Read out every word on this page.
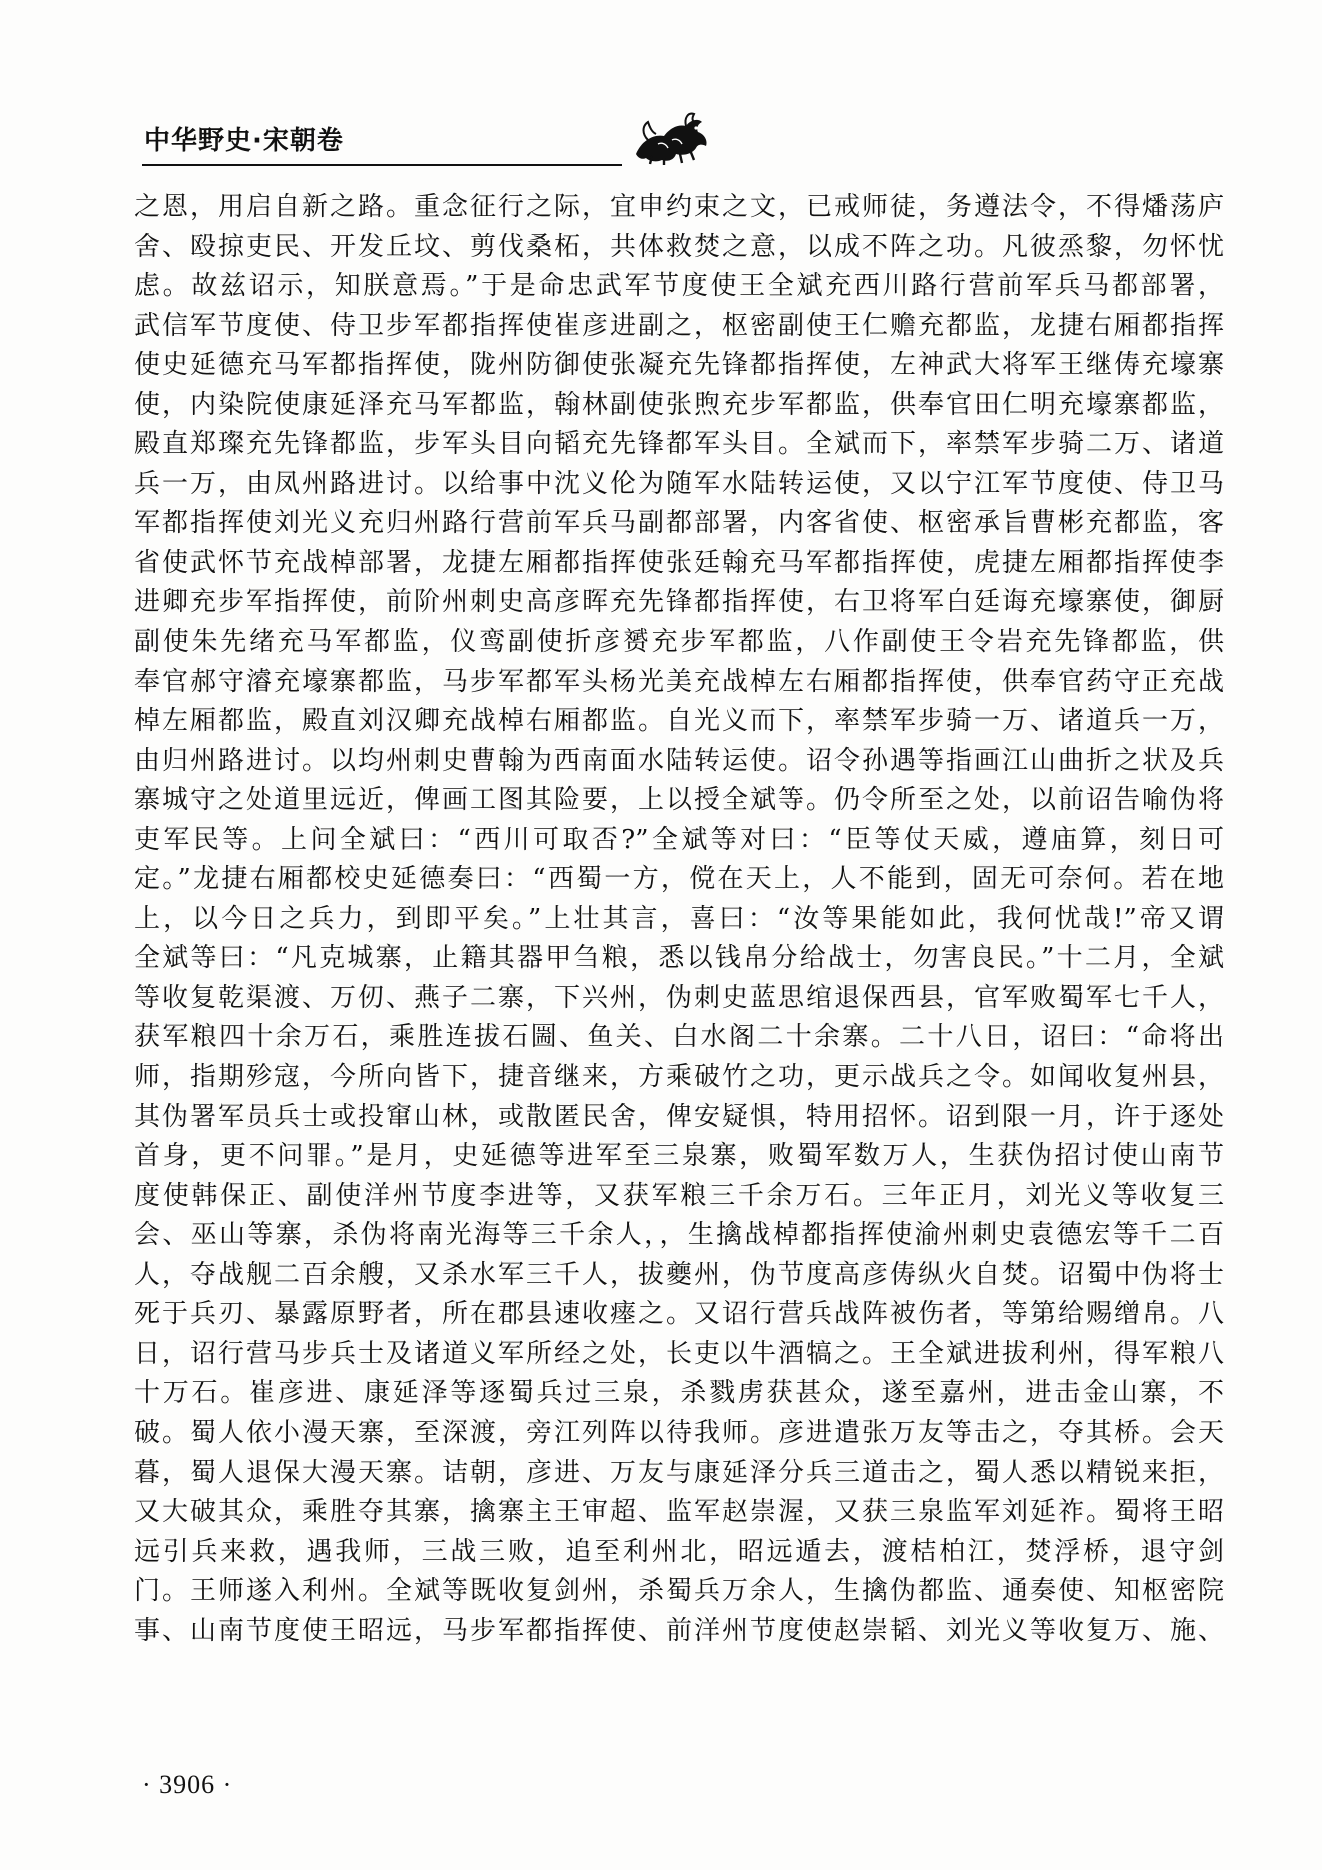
中华野史·宋朝卷
之恩，用启自新之路。重念征行之际，宜申约束之文，已戒师徒，务遵法令，不得燔荡庐
舍、殴掠吏民、开发丘坟、剪伐桑柘，共体救焚之意，以成不阵之功。凡彼烝黎，勿怀忧
虑。故兹诏示，知朕意焉。”于是命忠武军节度使王全斌充西川路行营前军兵马都部署，
武信军节度使、侍卫步军都指挥使崔彦进副之，枢密副使王仁赡充都监，龙捷右厢都指挥
使史延德充马军都指挥使，陇州防御使张凝充先锋都指挥使，左神武大将军王继俦充壕寨
使，内染院使康延泽充马军都监，翰林副使张煦充步军都监，供奉官田仁明充壕寨都监，
殿直郑璨充先锋都监，步军头目向韬充先锋都军头目。全斌而下，率禁军步骑二万、诸道
兵一万，由凤州路进讨。以给事中沈义伦为随军水陆转运使，又以宁江军节度使、侍卫马
军都指挥使刘光义充归州路行营前军兵马副都部署，内客省使、枢密承旨曹彬充都监，客
省使武怀节充战棹部署，龙捷左厢都指挥使张廷翰充马军都指挥使，虎捷左厢都指挥使李
进卿充步军指挥使，前阶州刺史高彦晖充先锋都指挥使，右卫将军白廷诲充壕寨使，御厨
副使朱先绪充马军都监，仪鸾副使折彦赟充步军都监，八作副使王令岩充先锋都监，供
奉官郝守濬充壕寨都监，马步军都军头杨光美充战棹左右厢都指挥使，供奉官药守正充战
棹左厢都监，殿直刘汉卿充战棹右厢都监。自光义而下，率禁军步骑一万、诸道兵一万，
由归州路进讨。以均州刺史曹翰为西南面水陆转运使。诏令孙遇等指画江山曲折之状及兵
寨城守之处道里远近，俾画工图其险要，上以授全斌等。仍令所至之处，以前诏告喻伪将
吏军民等。上问全斌曰：“西川可取否?”全斌等对曰：“臣等仗天威，遵庙算，刻日可
定。”龙捷右厢都校史延德奏曰：“西蜀一方，傥在天上，人不能到，固无可奈何。若在地
上，以今日之兵力，到即平矣。”上壮其言，喜曰：“汝等果能如此，我何忧哉!”帝又谓
全斌等曰：“凡克城寨，止籍其器甲刍粮，悉以钱帛分给战士，勿害良民。”十二月，全斌
等收复乾渠渡、万仞、燕子二寨，下兴州，伪刺史蓝思绾退保西县，官军败蜀军七千人，
获军粮四十余万石，乘胜连拔石圌、鱼关、白水阁二十余寨。二十八日，诏曰：“命将出
师，指期殄寇，今所向皆下，捷音继来，方乘破竹之功，更示战兵之令。如闻收复州县，
其伪署军员兵士或投窜山林，或散匿民舍，俾安疑惧，特用招怀。诏到限一月，许于逐处
首身，更不问罪。”是月，史延德等进军至三泉寨，败蜀军数万人，生获伪招讨使山南节
度使韩保正、副使洋州节度李进等，又获军粮三千余万石。三年正月，刘光义等收复三
会、巫山等寨，杀伪将南光海等三千余人，，生擒战棹都指挥使渝州刺史袁德宏等千二百
人，夺战舰二百余艘，又杀水军三千人，拔夔州，伪节度高彦俦纵火自焚。诏蜀中伪将士
死于兵刃、暴露原野者，所在郡县速收瘗之。又诏行营兵战阵被伤者，等第给赐缯帛。八
日，诏行营马步兵士及诸道义军所经之处，长吏以牛酒犒之。王全斌进拔利州，得军粮八
十万石。崔彦进、康延泽等逐蜀兵过三泉，杀戮虏获甚众，遂至嘉州，进击金山寨，不
破。蜀人依小漫天寨，至深渡，旁江列阵以待我师。彦进遣张万友等击之，夺其桥。会天
暮，蜀人退保大漫天寨。诘朝，彦进、万友与康延泽分兵三道击之，蜀人悉以精锐来拒，
又大破其众，乘胜夺其寨，擒寨主王审超、监军赵崇渥，又获三泉监军刘延祚。蜀将王昭
远引兵来救，遇我师，三战三败，追至利州北，昭远遁去，渡桔柏江，焚浮桥，退守剑
门。王师遂入利州。全斌等既收复剑州，杀蜀兵万余人，生擒伪都监、通奏使、知枢密院
事、山南节度使王昭远，马步军都指挥使、前洋州节度使赵崇韬、刘光义等收复万、施、
· 3906 ·
